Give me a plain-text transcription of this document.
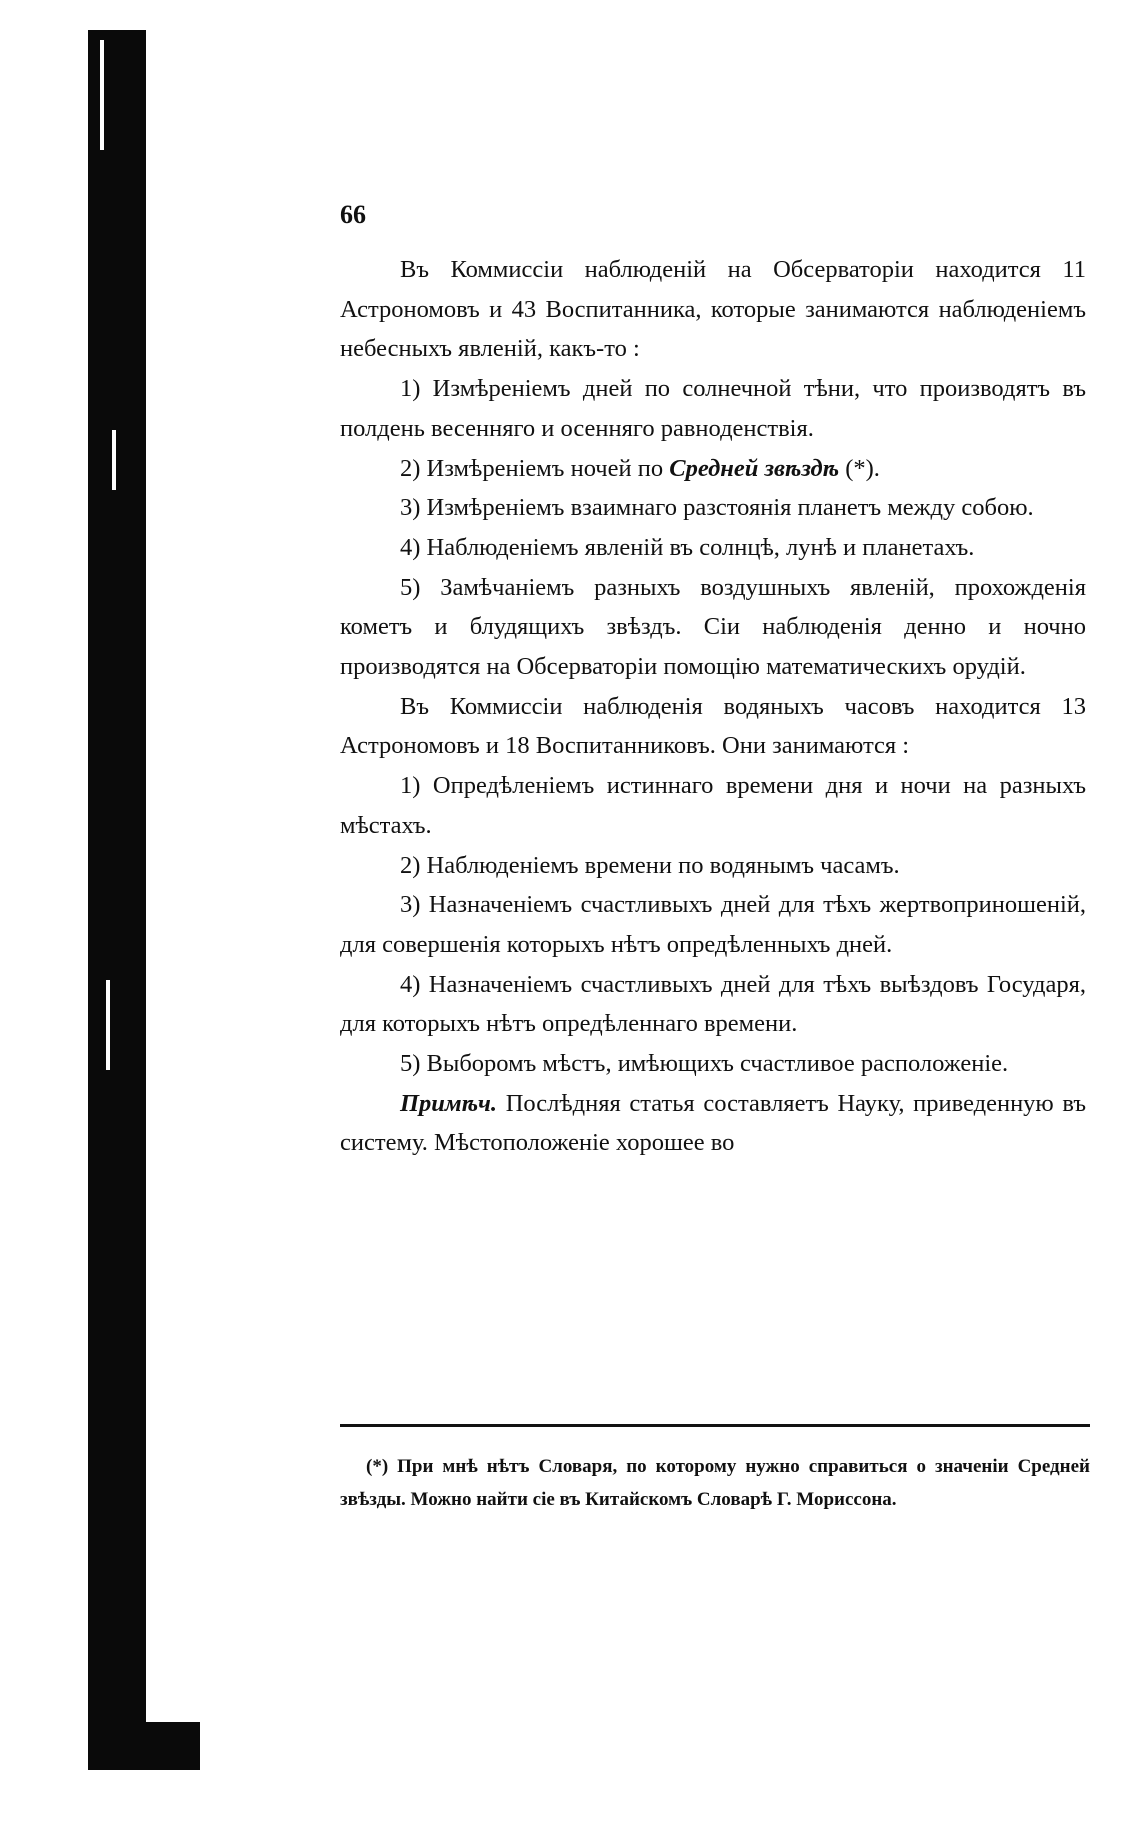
66

Въ Коммиссіи наблюденій на Обсерваторіи находится 11 Астрономовъ и 43 Воспитанника, которые занимаются наблюденіемъ небесныхъ явленій, какъ-то :

1) Измѣреніемъ дней по солнечной тѣни, что производятъ въ полдень весенняго и осенняго равноденствія.

2) Измѣреніемъ ночей по Средней звѣздѣ (*).

3) Измѣреніемъ взаимнаго разстоянія планетъ между собою.

4) Наблюденіемъ явленій въ солнцѣ, лунѣ и планетахъ.

5) Замѣчаніемъ разныхъ воздушныхъ явленій, прохожденія кометъ и блудящихъ звѣздъ. Сіи наблюденія денно и ночно производятся на Обсерваторіи помощію математическихъ орудій.

Въ Коммиссіи наблюденія водяныхъ часовъ находится 13 Астрономовъ и 18 Воспитанниковъ. Они занимаются :

1) Опредѣленіемъ истиннаго времени дня и ночи на разныхъ мѣстахъ.

2) Наблюденіемъ времени по водянымъ часамъ.

3) Назначеніемъ счастливыхъ дней для тѣхъ жертвоприношеній, для совершенія которыхъ нѣтъ опредѣленныхъ дней.

4) Назначеніемъ счастливыхъ дней для тѣхъ выѣздовъ Государя, для которыхъ нѣтъ опредѣленнаго времени.

5) Выборомъ мѣстъ, имѣющихъ счастливое расположеніе.

Примѣч. Послѣдняя статья составляетъ Науку, приведенную въ систему. Мѣстоположеніе хорошее во

(*) При мнѣ нѣтъ Словаря, по которому нужно справиться о значеніи Средней звѣзды. Можно найти сіе въ Китайскомъ Словарѣ Г. Мориссона.
